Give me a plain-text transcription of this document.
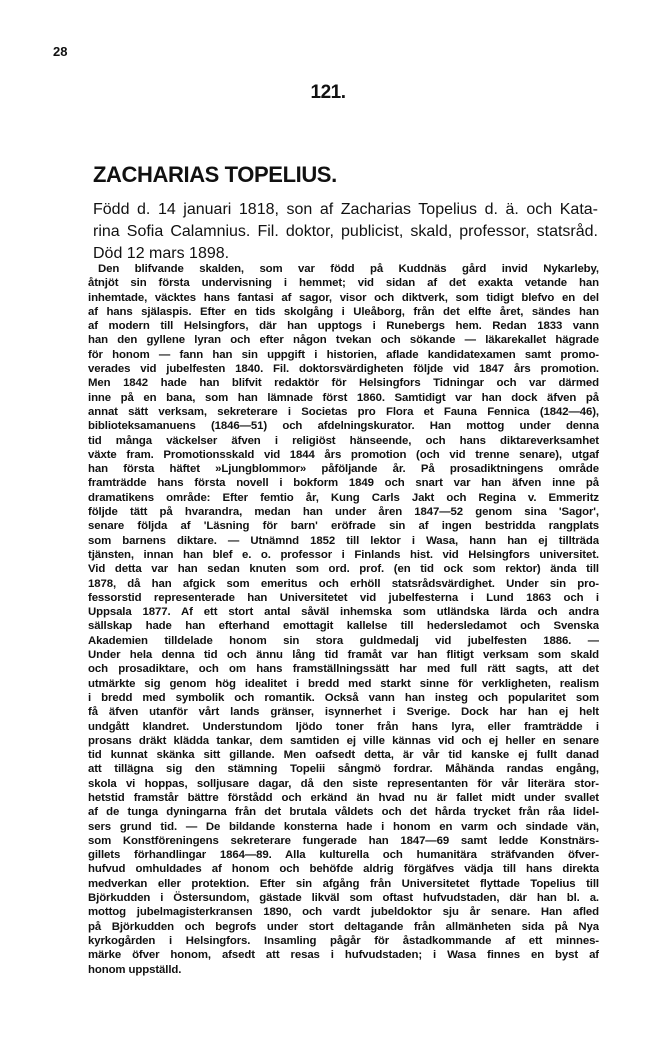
28
121.
ZACHARIAS TOPELIUS.
Född d. 14 januari 1818, son af Zacharias Topelius d. ä. och Kata-
rina Sofia Calamnius. Fil. doktor, publicist, skald, professor, statsråd.
Död 12 mars 1898.
Den blifvande skalden, som var född på Kuddnäs gård invid Nykarleby,
åtnjöt sin första undervisning i hemmet; vid sidan af det exakta vetande han
inhemtade, väcktes hans fantasi af sagor, visor och diktverk, som tidigt blefvo en del
af hans själaspis. Efter en tids skolgång i Uleåborg, från det elfte året, sändes han
af modern till Helsingfors, där han upptogs i Runebergs hem. Redan 1833 vann
han den gyllene lyran och efter någon tvekan och sökande — läkarekallet hägrade
för honom — fann han sin uppgift i historien, aflade kandidatexamen samt promo-
verades vid jubelfesten 1840. Fil. doktorsvärdigheten följde vid 1847 års promotion.
Men 1842 hade han blifvit redaktör för Helsingfors Tidningar och var därmed
inne på en bana, som han lämnade först 1860. Samtidigt var han dock äfven på
annat sätt verksam, sekreterare i Societas pro Flora et Fauna Fennica (1842—46),
biblioteksamanuens (1846—51) och afdelningskurator. Han mottog under denna
tid många väckelser äfven i religiöst hänseende, och hans diktareverksamhet
växte fram. Promotionsskald vid 1844 års promotion (och vid trenne senare), utgaf
han första häftet »Ljungblommor» påföljande år. På prosadiktningens område
framträdde hans första novell i bokform 1849 och snart var han äfven inne på
dramatikens område: Efter femtio år, Kung Carls Jakt och Regina v. Emmeritz
följde tätt på hvarandra, medan han under åren 1847—52 genom sina 'Sagor',
senare följda af 'Läsning för barn' eröfrade sin af ingen bestridda rangplats
som barnens diktare. — Utnämnd 1852 till lektor i Wasa, hann han ej tillträda
tjänsten, innan han blef e. o. professor i Finlands hist. vid Helsingfors universitet.
Vid detta var han sedan knuten som ord. prof. (en tid ock som rektor) ända till
1878, då han afgick som emeritus och erhöll statsrådsvärdighet. Under sin pro-
fessorstid representerade han Universitetet vid jubelfesterna i Lund 1863 och i
Uppsala 1877. Af ett stort antal såväl inhemska som utländska lärda och andra
sällskap hade han efterhand emottagit kallelse till hedersledamot och Svenska
Akademien tilldelade honom sin stora guldmedalj vid jubelfesten 1886. —
Under hela denna tid och ännu lång tid framåt var han flitigt verksam som skald
och prosadiktare, och om hans framställningssätt har med full rätt sagts, att det
utmärkte sig genom hög idealitet i bredd med starkt sinne för verkligheten, realism
i bredd med symbolik och romantik. Också vann han insteg och popularitet som
få äfven utanför vårt lands gränser, isynnerhet i Sverige. Dock har han ej helt
undgått klandret. Understundom ljödo toner från hans lyra, eller framträdde i
prosans dräkt klädda tankar, dem samtiden ej ville kännas vid och ej heller en senare
tid kunnat skänka sitt gillande. Men oafsedt detta, är vår tid kanske ej fullt danad
att tillägna sig den stämning Topelii sångmö fordrar. Måhända randas engång,
skola vi hoppas, solljusare dagar, då den siste representanten för vår literära stor-
hetstid framstår bättre förstådd och erkänd än hvad nu är fallet midt under svallet
af de tunga dyningarna från det brutala våldets och det hårda trycket från råa lidel-
sers grund tid. — De bildande konsterna hade i honom en varm och sindade vän,
som Konstföreningens sekreterare fungerade han 1847—69 samt ledde Konstnärs-
gillets förhandlingar 1864—89. Alla kulturella och humanitära sträfvanden öfver-
hufvud omhuldades af honom och behöfde aldrig förgäfves vädja till hans direkta
medverkan eller protektion. Efter sin afgång från Universitetet flyttade Topelius till
Björkudden i Östersundom, gästade likväl som oftast hufvudstaden, där han bl. a.
mottog jubelmagisterkransen 1890, och vardt jubeldoktor sju år senare. Han afled
på Björkudden och begrofs under stort deltagande från allmänheten sida på Nya
kyrkogården i Helsingfors. Insamling pågår för åstadkommande af ett minnes-
märke öfver honom, afsedt att resas i hufvudstaden; i Wasa finnes en byst af
honom uppställd.
